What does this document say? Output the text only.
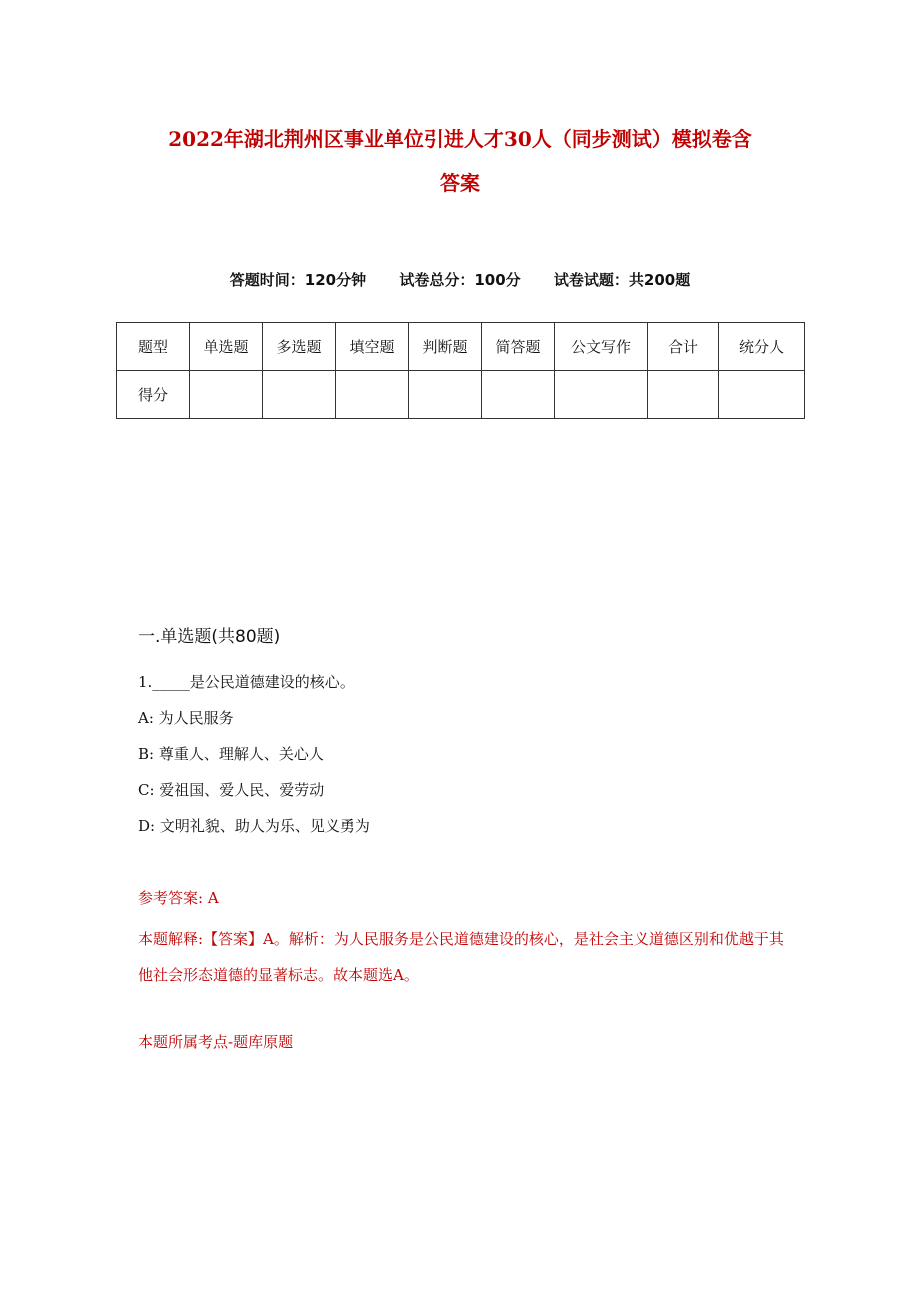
2022年湖北荆州区事业单位引进人才30人（同步测试）模拟卷含
答案
答题时间：120分钟 试卷总分：100分 试卷试题：共200题
题型	单选题	多选题	填空题	判断题	简答题	公文写作	合计	统分人
得分								
一.单选题(共80题)
1._____是公民道德建设的核心。
A: 为人民服务
B: 尊重人、理解人、关心人
C: 爱祖国、爱人民、爱劳动
D: 文明礼貌、助人为乐、见义勇为
参考答案: A
本题解释:【答案】A。解析：为人民服务是公民道德建设的核心，是社会主义道德区别和优越于其他社会形态道德的显著标志。故本题选A。
本题所属考点-题库原题
